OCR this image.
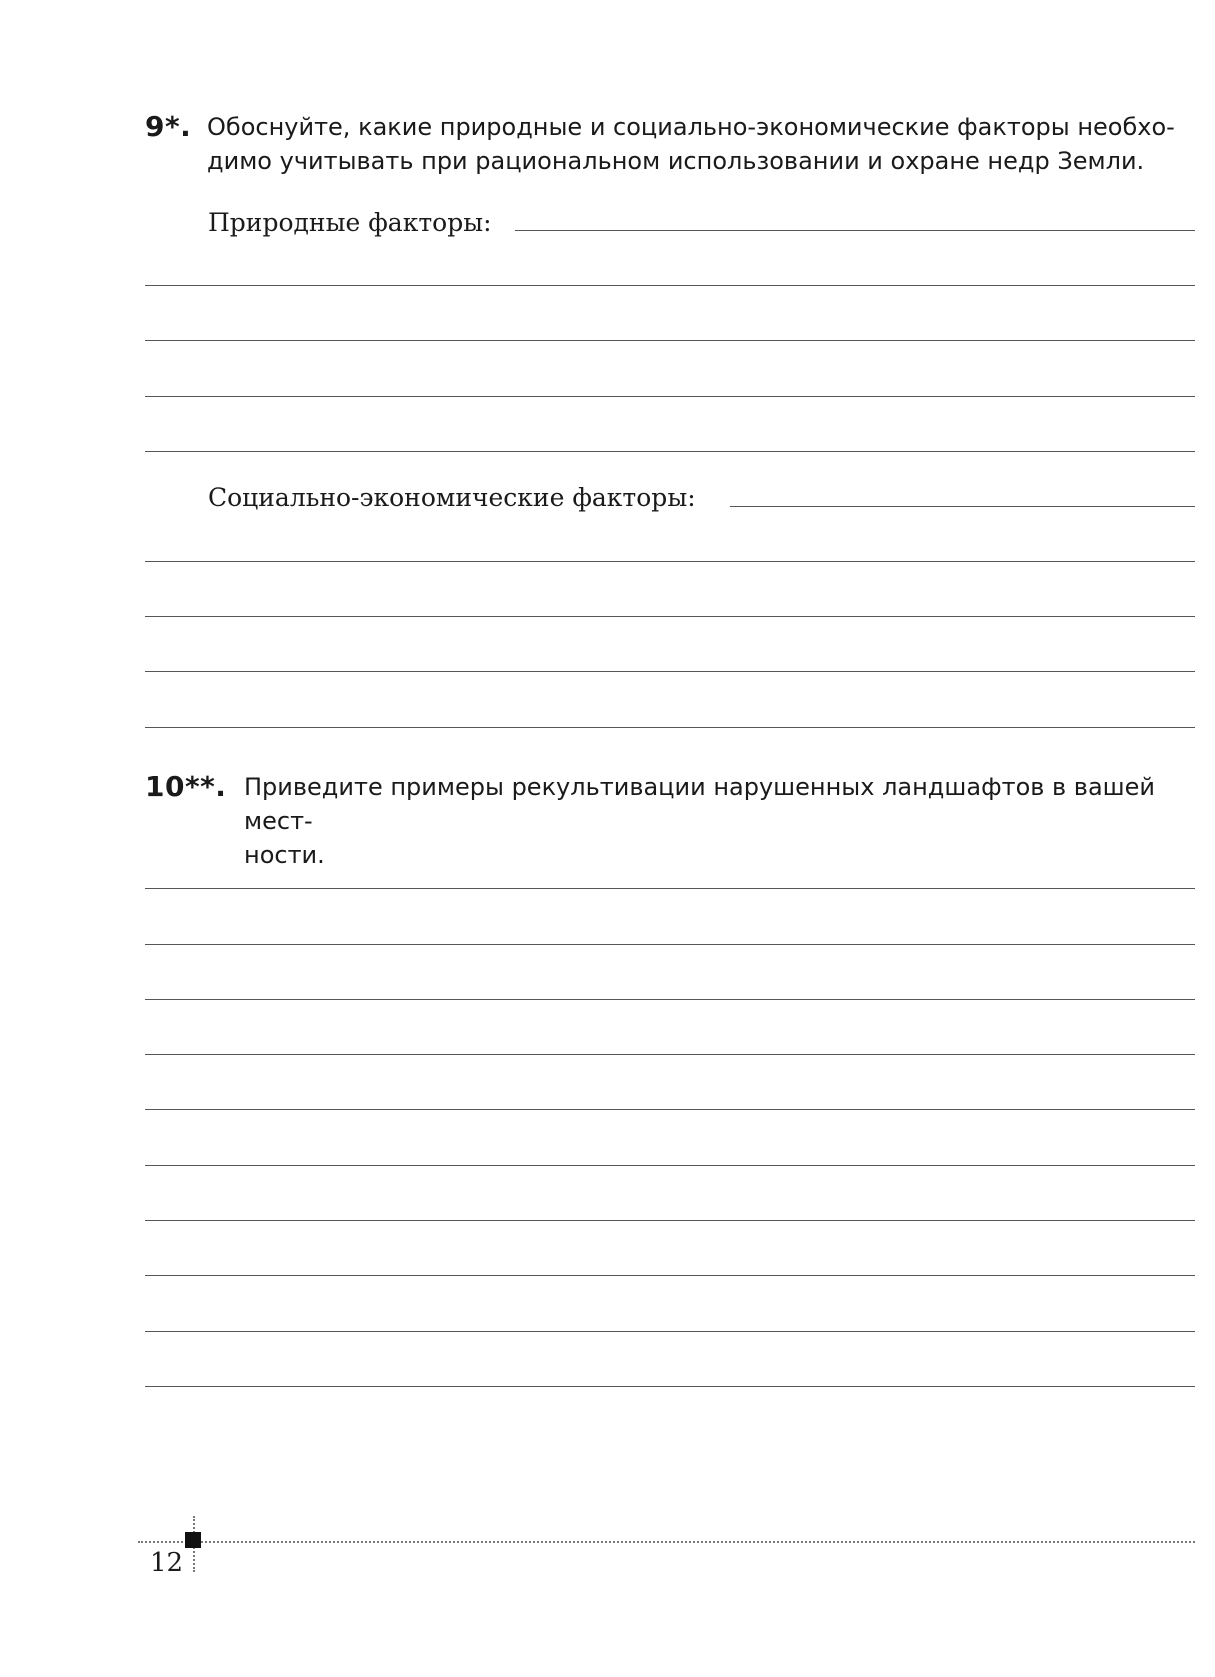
9*. Обоснуйте, какие природные и социально-экономические факторы необхо-
димо учитывать при рациональном использовании и охране недр Земли.
Природные факторы:
Социально-экономические факторы:
10**. Приведите примеры рекультивации нарушенных ландшафтов в вашей мест-
ности.
12
